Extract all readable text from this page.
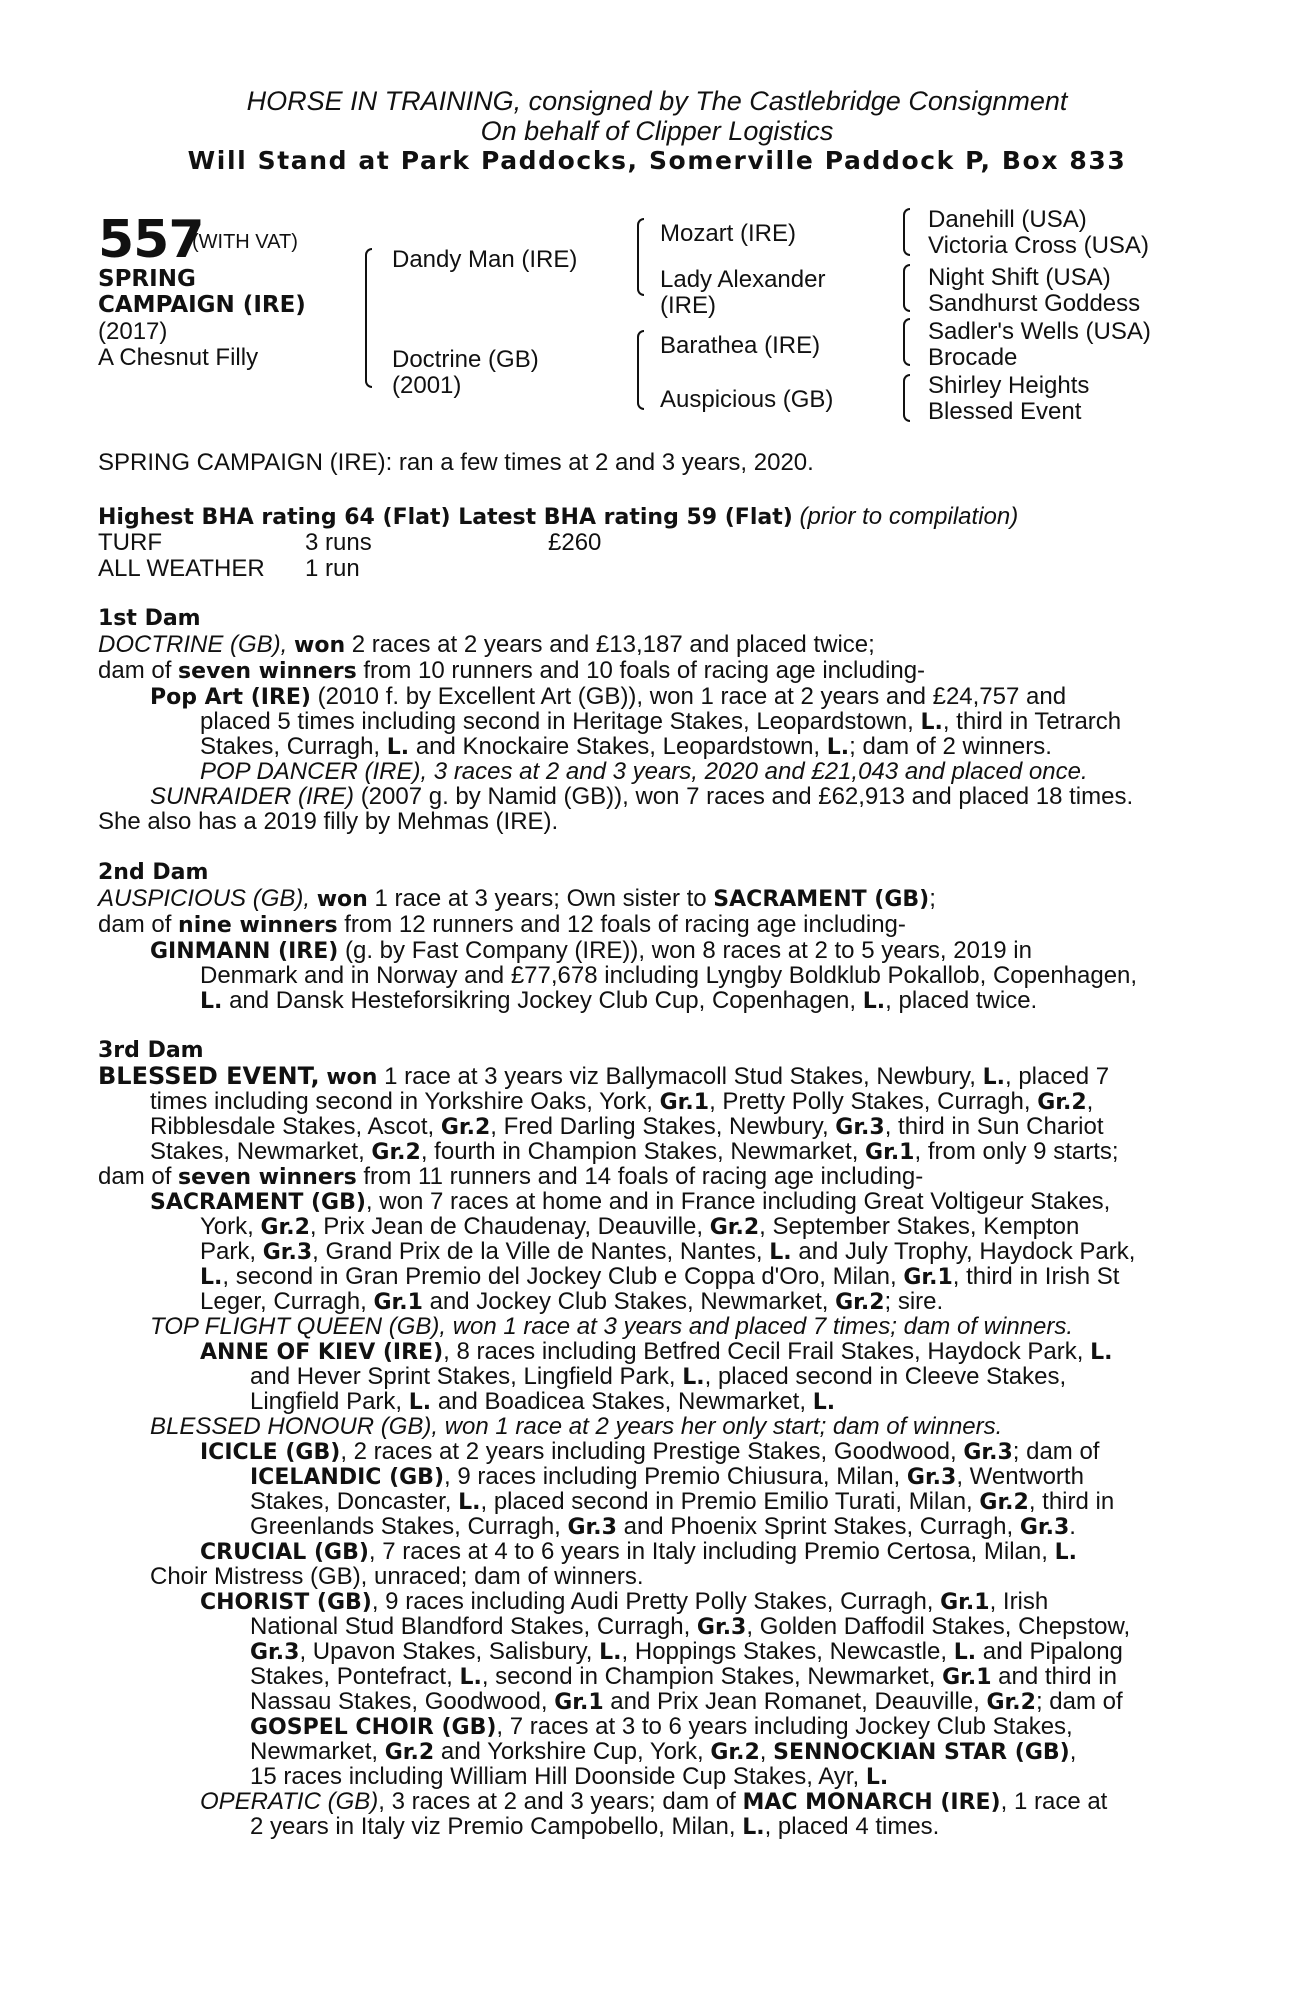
HORSE IN TRAINING, consigned by The Castlebridge Consignment
On behalf of Clipper Logistics
Will Stand at Park Paddocks, Somerville Paddock P, Box 833
557
(WITH VAT)
SPRING
CAMPAIGN (IRE)
(2017)
A Chesnut Filly
Dandy Man (IRE)
Doctrine (GB)
(2001)
Mozart (IRE)
Lady Alexander
(IRE)
Barathea (IRE)
Auspicious (GB)
Danehill (USA)
Victoria Cross (USA)
Night Shift (USA)
Sandhurst Goddess
Sadler's Wells (USA)
Brocade
Shirley Heights
Blessed Event
SPRING CAMPAIGN (IRE): ran a few times at 2 and 3 years, 2020.
Highest BHA rating 64 (Flat) Latest BHA rating 59 (Flat) (prior to compilation)
TURF	3 runs	£260
ALL WEATHER 1 run
1st Dam
DOCTRINE (GB), won 2 races at 2 years and £13,187 and placed twice;
dam of seven winners from 10 runners and 10 foals of racing age including-
Pop Art (IRE) (2010 f. by Excellent Art (GB)), won 1 race at 2 years and £24,757 and
placed 5 times including second in Heritage Stakes, Leopardstown, L., third in Tetrarch
Stakes, Curragh, L. and Knockaire Stakes, Leopardstown, L.; dam of 2 winners.
POP DANCER (IRE), 3 races at 2 and 3 years, 2020 and £21,043 and placed once.
SUNRAIDER (IRE) (2007 g. by Namid (GB)), won 7 races and £62,913 and placed 18 times.
She also has a 2019 filly by Mehmas (IRE).
2nd Dam
AUSPICIOUS (GB), won 1 race at 3 years; Own sister to SACRAMENT (GB);
dam of nine winners from 12 runners and 12 foals of racing age including-
GINMANN (IRE) (g. by Fast Company (IRE)), won 8 races at 2 to 5 years, 2019 in
Denmark and in Norway and £77,678 including Lyngby Boldklub Pokallob, Copenhagen,
L. and Dansk Hesteforsikring Jockey Club Cup, Copenhagen, L., placed twice.
3rd Dam
BLESSED EVENT, won 1 race at 3 years viz Ballymacoll Stud Stakes, Newbury, L., placed 7
times including second in Yorkshire Oaks, York, Gr.1, Pretty Polly Stakes, Curragh, Gr.2,
Ribblesdale Stakes, Ascot, Gr.2, Fred Darling Stakes, Newbury, Gr.3, third in Sun Chariot
Stakes, Newmarket, Gr.2, fourth in Champion Stakes, Newmarket, Gr.1, from only 9 starts;
dam of seven winners from 11 runners and 14 foals of racing age including-
SACRAMENT (GB), won 7 races at home and in France including Great Voltigeur Stakes,
York, Gr.2, Prix Jean de Chaudenay, Deauville, Gr.2, September Stakes, Kempton
Park, Gr.3, Grand Prix de la Ville de Nantes, Nantes, L. and July Trophy, Haydock Park,
L., second in Gran Premio del Jockey Club e Coppa d'Oro, Milan, Gr.1, third in Irish St
Leger, Curragh, Gr.1 and Jockey Club Stakes, Newmarket, Gr.2; sire.
TOP FLIGHT QUEEN (GB), won 1 race at 3 years and placed 7 times; dam of winners.
ANNE OF KIEV (IRE), 8 races including Betfred Cecil Frail Stakes, Haydock Park, L.
and Hever Sprint Stakes, Lingfield Park, L., placed second in Cleeve Stakes,
Lingfield Park, L. and Boadicea Stakes, Newmarket, L.
BLESSED HONOUR (GB), won 1 race at 2 years her only start; dam of winners.
ICICLE (GB), 2 races at 2 years including Prestige Stakes, Goodwood, Gr.3; dam of
ICELANDIC (GB), 9 races including Premio Chiusura, Milan, Gr.3, Wentworth
Stakes, Doncaster, L., placed second in Premio Emilio Turati, Milan, Gr.2, third in
Greenlands Stakes, Curragh, Gr.3 and Phoenix Sprint Stakes, Curragh, Gr.3.
CRUCIAL (GB), 7 races at 4 to 6 years in Italy including Premio Certosa, Milan, L.
Choir Mistress (GB), unraced; dam of winners.
CHORIST (GB), 9 races including Audi Pretty Polly Stakes, Curragh, Gr.1, Irish
National Stud Blandford Stakes, Curragh, Gr.3, Golden Daffodil Stakes, Chepstow,
Gr.3, Upavon Stakes, Salisbury, L., Hoppings Stakes, Newcastle, L. and Pipalong
Stakes, Pontefract, L., second in Champion Stakes, Newmarket, Gr.1 and third in
Nassau Stakes, Goodwood, Gr.1 and Prix Jean Romanet, Deauville, Gr.2; dam of
GOSPEL CHOIR (GB), 7 races at 3 to 6 years including Jockey Club Stakes,
Newmarket, Gr.2 and Yorkshire Cup, York, Gr.2, SENNOCKIAN STAR (GB),
15 races including William Hill Doonside Cup Stakes, Ayr, L.
OPERATIC (GB), 3 races at 2 and 3 years; dam of MAC MONARCH (IRE), 1 race at
2 years in Italy viz Premio Campobello, Milan, L., placed 4 times.
